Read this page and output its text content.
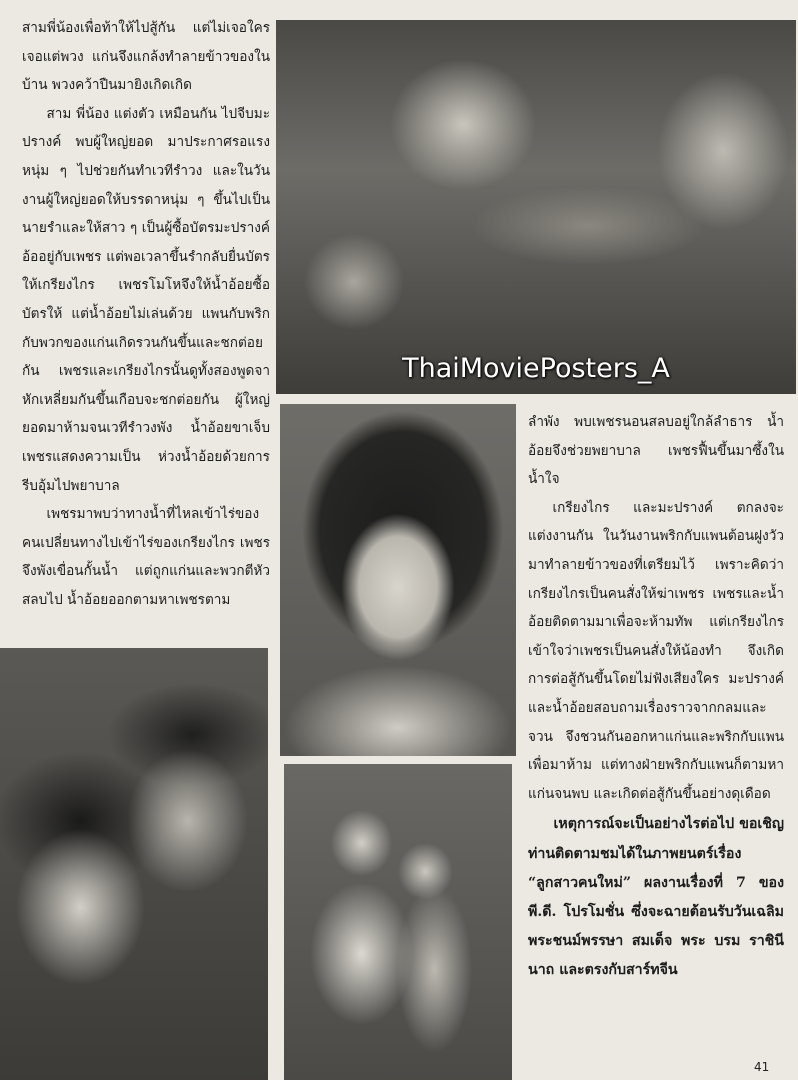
สามพี่น้องเพื่อท้าให้ไปสู้กัน แต่ไม่เจอใคร เจอแต่พวง แก่นจึงแกล้งทำลายข้าวของในบ้าน พวงคว้าปืนมายิงเกิดเกิด

สาม พี่น้อง แต่งตัว เหมือนกัน ไปจีบมะปรางค์ พบผู้ใหญ่ยอด มาประกาศรอแรงหนุ่ม ๆ ไปช่วยกันทำเวทีรำวง และในวันงานผู้ใหญ่ยอดให้บรรดาหนุ่ม ๆ ขึ้นไปเป็นนายรำและให้สาว ๆ เป็นผู้ซื้อบัตรมะปรางค์อ้ออยู่กับเพชร แต่พอเวลาขึ้นรำกลับยื่นบัตรให้เกรียงไกร เพชรโมโหจึงให้น้ำอ้อยซื้อบัตรให้ แต่น้ำอ้อยไม่เล่นด้วย แพนกับพริกกับพวกของแก่นเกิดรวนกันขึ้นและชกต่อยกัน เพชรและเกรียงไกรนั้นดูทั้งสองพูดจา หักเหลี่ยมกันขึ้นเกือบจะชกต่อยกัน ผู้ใหญ่ยอดมาห้ามจนเวทีรำวงพัง น้ำอ้อยขาเจ็บ เพชรแสดงความเป็น ห่วงน้ำอ้อยด้วยการรีบอุ้มไปพยาบาล

เพชรมาพบว่าทางน้ำที่ไหลเข้าไร่ของคนเปลี่ยนทางไปเข้าไร่ของเกรียงไกร เพชรจึงพังเขื่อนกั้นน้ำ แต่ถูกแก่นและพวกตีหัวสลบไป น้ำอ้อยออกตามหาเพชรตาม

ThaiMoviePosters_A

ลำพัง พบเพชรนอนสลบอยู่ใกล้ลำธาร น้ำอ้อยจึงช่วยพยาบาล เพชรฟื้นขึ้นมาซึ้งในน้ำใจ

เกรียงไกร และมะปรางค์ ตกลงจะแต่งงานกัน ในวันงานพริกกับแพนต้อนฝูงวัวมาทำลายข้าวของที่เตรียมไว้ เพราะคิดว่าเกรียงไกรเป็นคนสั่งให้ฆ่าเพชร เพชรและน้ำอ้อยติดตามมาเพื่อจะห้ามทัพ แต่เกรียงไกรเข้าใจว่าเพชรเป็นคนสั่งให้น้องทำ จึงเกิดการต่อสู้กันขึ้นโดยไม่ฟังเสียงใคร มะปรางค์และน้ำอ้อยสอบถามเรื่องราวจากกลมและจวน จึงชวนกันออกหาแก่นและพริกกับแพนเพื่อมาห้าม แต่ทางฝ่ายพริกกับแพนก็ตามหาแก่นจนพบ และเกิดต่อสู้กันขึ้นอย่างดุเดือด

เหตุการณ์จะเป็นอย่างไรต่อไป ขอเชิญท่านติดตามชมได้ในภาพยนตร์เรื่อง “ลูกสาวคนใหม่” ผลงานเรื่องที่ 7 ของพี.ดี. โปรโมชั่น ซึ่งจะฉายต้อนรับวันเฉลิมพระชนม์พรรษา สมเด็จ พระ บรม ราชินี นาถ และตรงกับสาร์ทจีน

41
